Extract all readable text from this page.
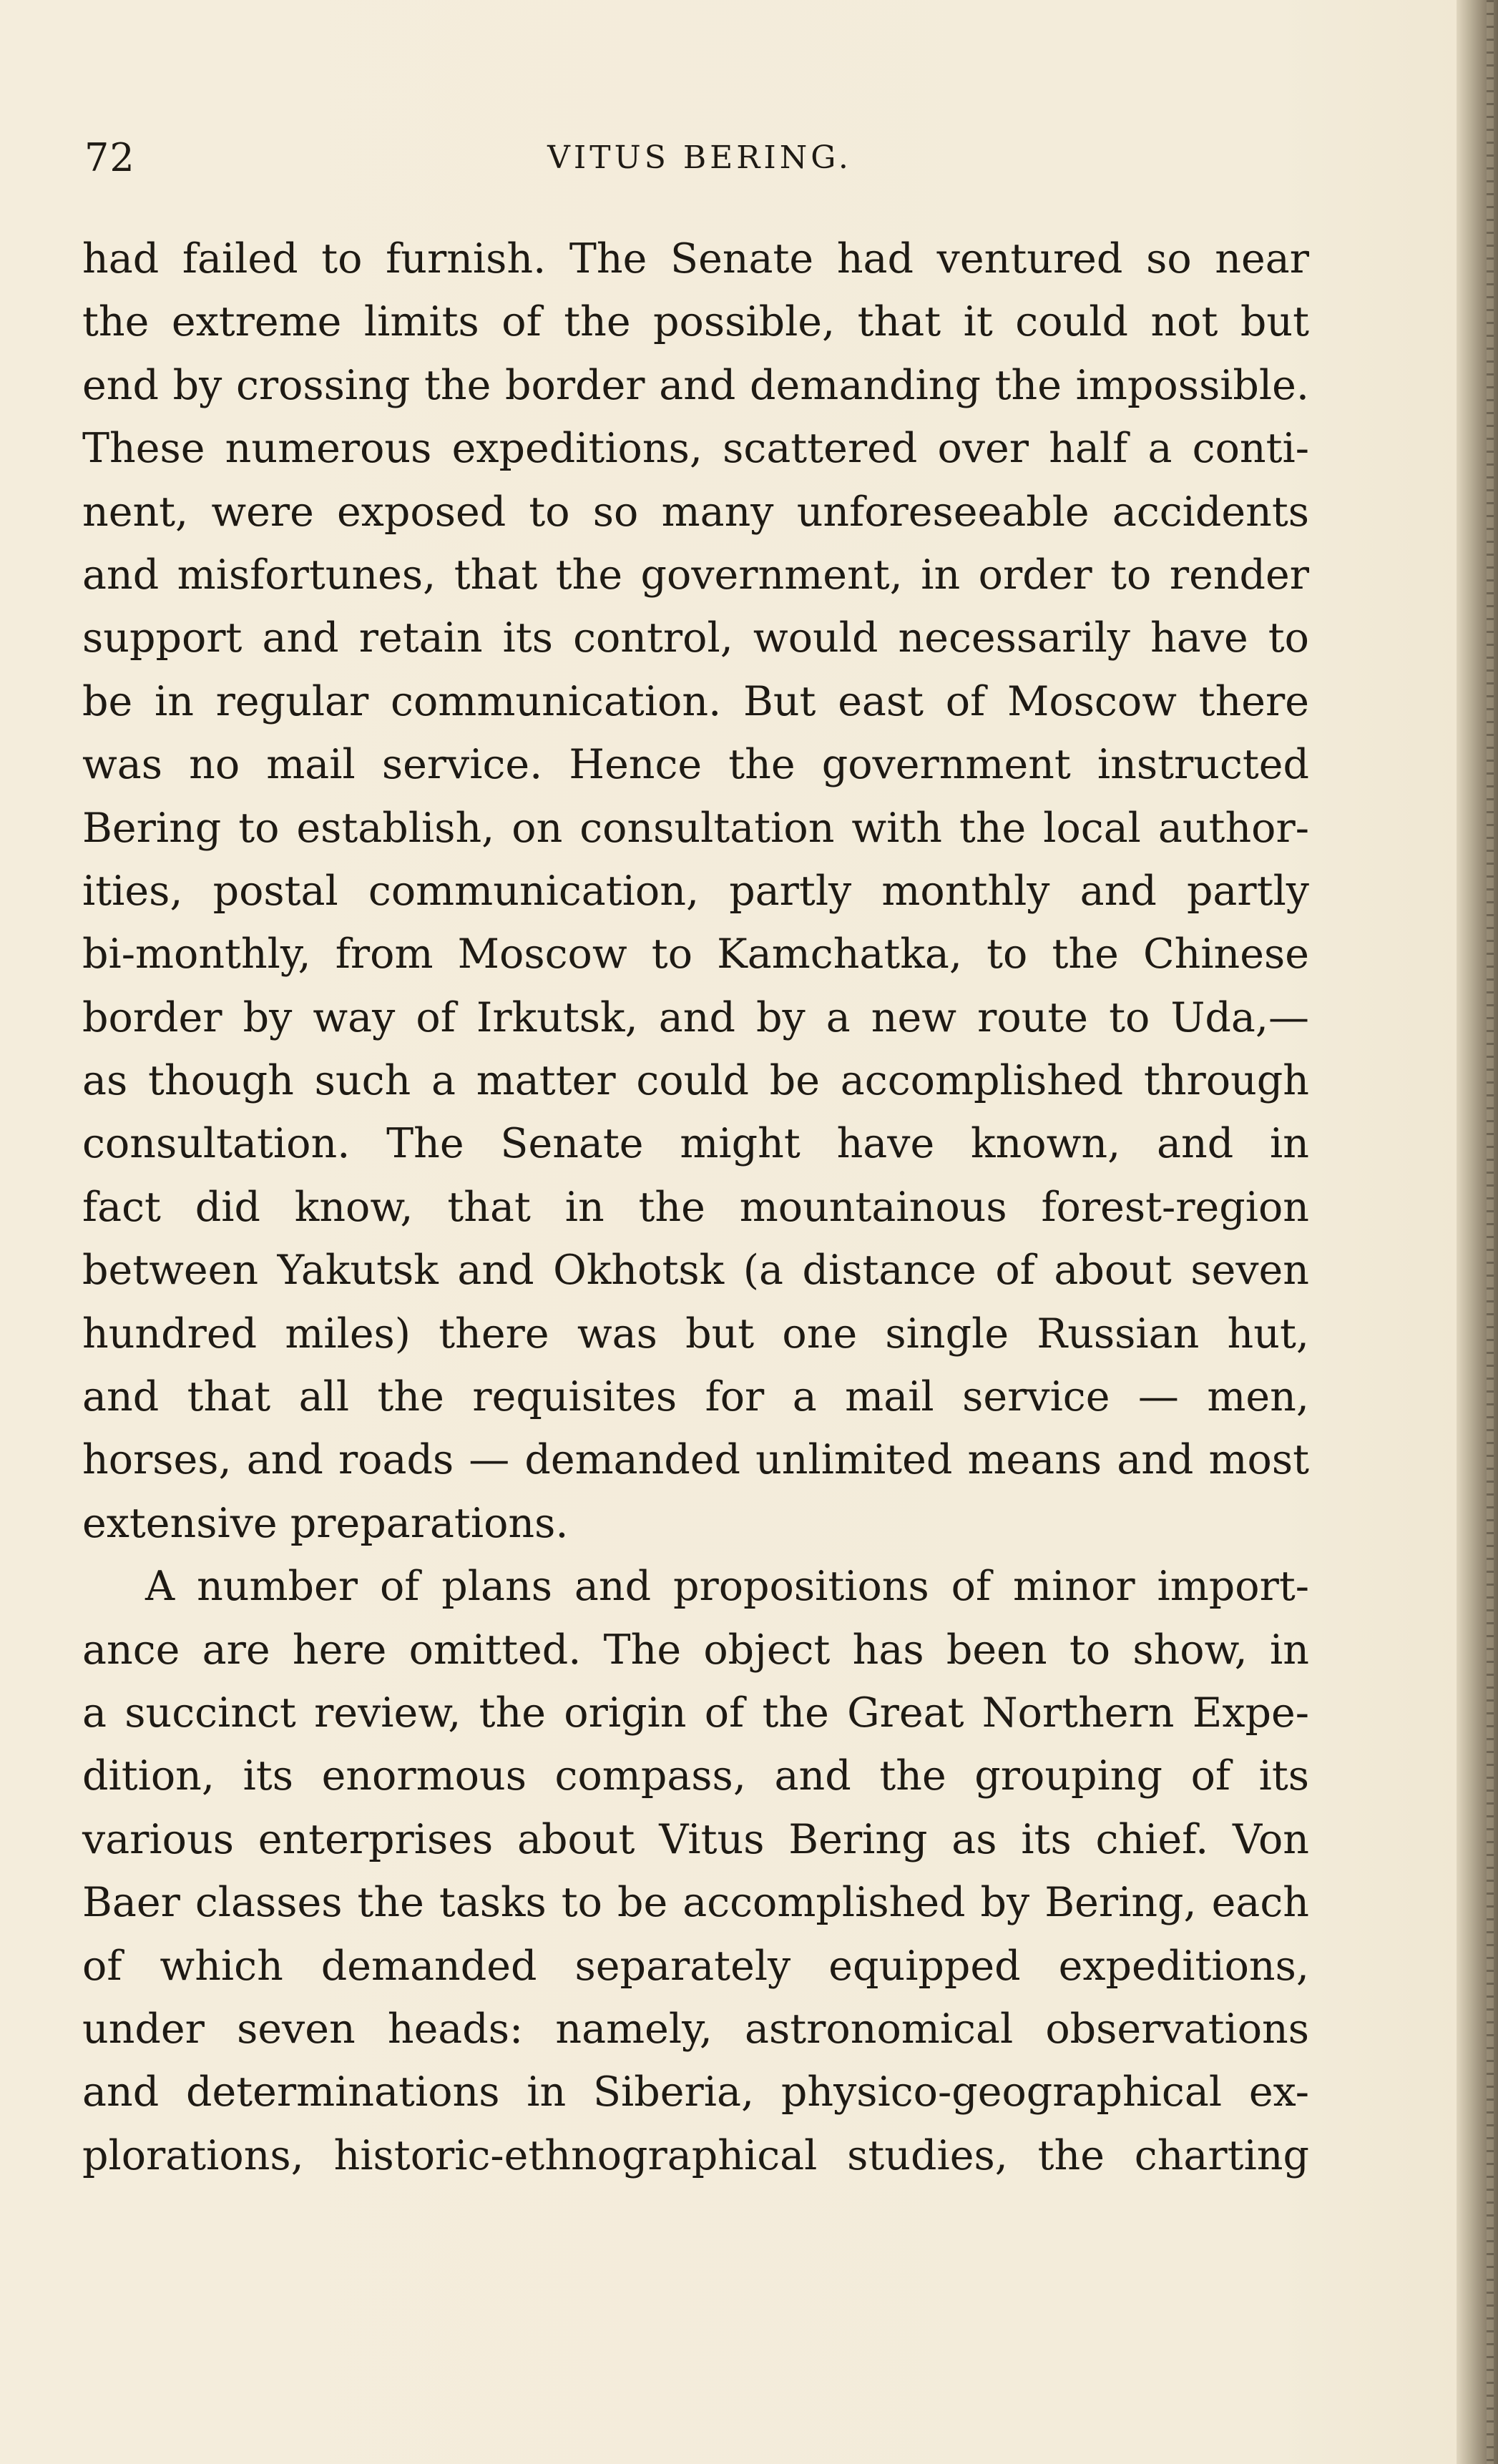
72	VITUS BERING.
had failed to furnish. The Senate had ventured so near
the extreme limits of the possible, that it could not but
end by crossing the border and demanding the impossible.
These numerous expeditions, scattered over half a conti-
nent, were exposed to so many unforeseeable accidents
and misfortunes, that the government, in order to render
support and retain its control, would necessarily have to
be in regular communication. But east of Moscow there
was no mail service. Hence the government instructed
Bering to establish, on consultation with the local author-
ities, postal communication, partly monthly and partly
bi-monthly, from Moscow to Kamchatka, to the Chinese
border by way of Irkutsk, and by a new route to Uda,—
as though such a matter could be accomplished through
consultation. The Senate might have known, and in
fact did know, that in the mountainous forest-region
between Yakutsk and Okhotsk (a distance of about seven
hundred miles) there was but one single Russian hut,
and that all the requisites for a mail service — men,
horses, and roads — demanded unlimited means and most
extensive preparations.
A number of plans and propositions of minor import-
ance are here omitted. The object has been to show, in
a succinct review, the origin of the Great Northern Expe-
dition, its enormous compass, and the grouping of its
various enterprises about Vitus Bering as its chief. Von
Baer classes the tasks to be accomplished by Bering, each
of which demanded separately equipped expeditions,
under seven heads: namely, astronomical observations
and determinations in Siberia, physico-geographical ex-
plorations, historic-ethnographical studies, the charting
